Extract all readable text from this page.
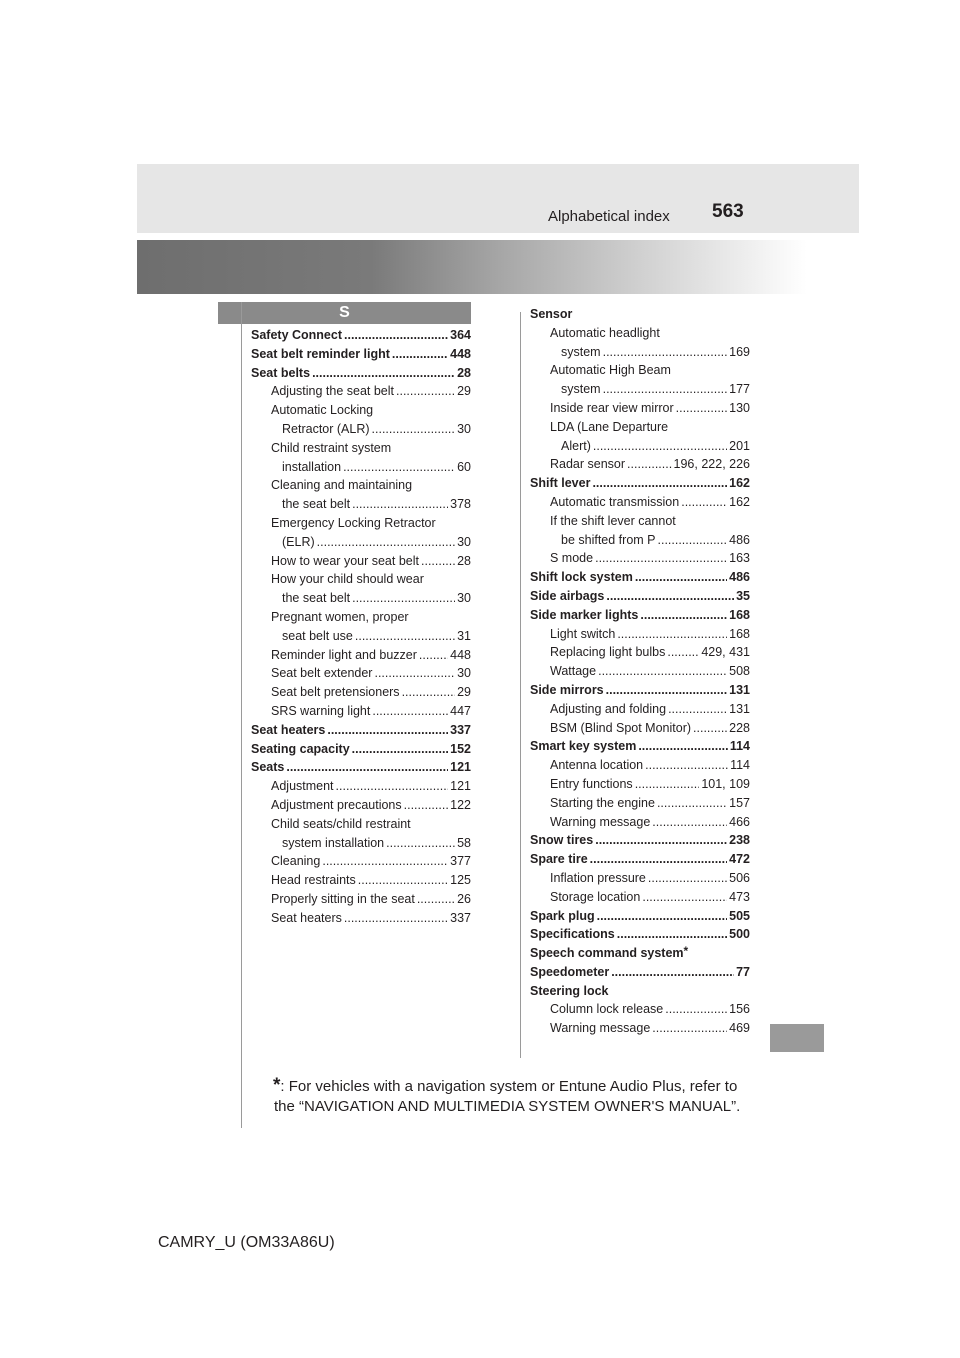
Alphabetical index 563
S
Safety Connect .....	364
Seat belt reminder light .....	448
Seat belts .....	28
Adjusting the seat belt .....	29
Automatic Locking
Retractor (ALR) .....	30
Child restraint system
installation .....	60
Cleaning and maintaining
the seat belt .....	378
Emergency Locking Retractor
(ELR) .....	30
How to wear your seat belt .....	28
How your child should wear
the seat belt .....	30
Pregnant women, proper
seat belt use .....	31
Reminder light and buzzer .....	448
Seat belt extender .....	30
Seat belt pretensioners .....	29
SRS warning light .....	447
Seat heaters .....	337
Seating capacity .....	152
Seats .....	121
Adjustment .....	121
Adjustment precautions .....	122
Child seats/child restraint
system installation .....	58
Cleaning .....	377
Head restraints .....	125
Properly sitting in the seat .....	26
Seat heaters .....	337
Sensor
Automatic headlight
system .....	169
Automatic High Beam
system .....	177
Inside rear view mirror .....	130
LDA (Lane Departure
Alert) .....	201
Radar sensor .....	196, 222, 226
Shift lever .....	162
Automatic transmission .....	162
If the shift lever cannot
be shifted from P .....	486
S mode .....	163
Shift lock system .....	486
Side airbags .....	35
Side marker lights .....	168
Light switch .....	168
Replacing light bulbs .....	429, 431
Wattage .....	508
Side mirrors .....	131
Adjusting and folding .....	131
BSM (Blind Spot Monitor) .....	228
Smart key system .....	114
Antenna location .....	114
Entry functions .....	101, 109
Starting the engine .....	157
Warning message .....	466
Snow tires .....	238
Spare tire .....	472
Inflation pressure .....	506
Storage location .....	473
Spark plug .....	505
Specifications .....	500
Speech command system*
Speedometer .....	77
Steering lock
Column lock release .....	156
Warning message .....	469
*: For vehicles with a navigation system or Entune Audio Plus, refer to
the “NAVIGATION AND MULTIMEDIA SYSTEM OWNER'S MANUAL”.
CAMRY_U (OM33A86U)
